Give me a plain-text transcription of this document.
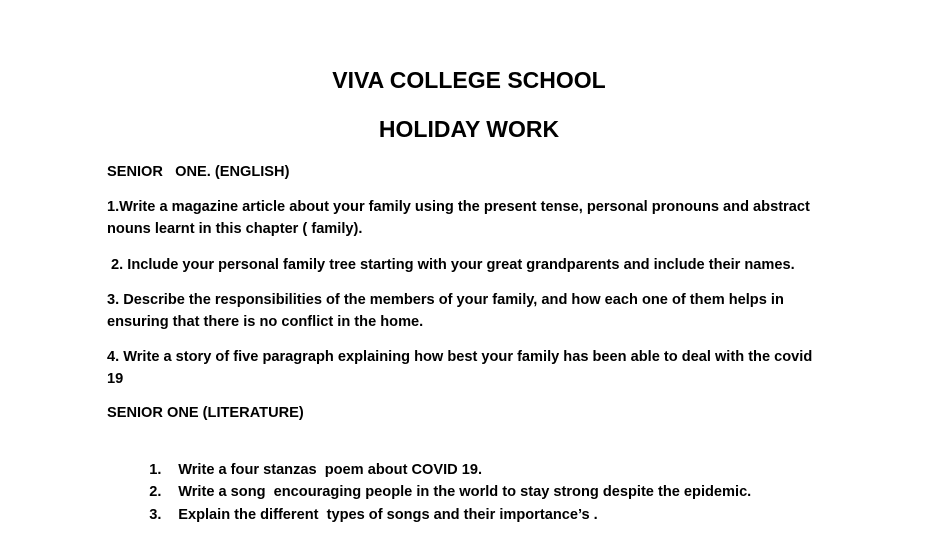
VIVA COLLEGE SCHOOL
HOLIDAY WORK
SENIOR   ONE. (ENGLISH)
1.Write a magazine article about your family using the present tense, personal pronouns and abstract
nouns learnt in this chapter ( family).
2. Include your personal family tree starting with your great grandparents and include their names.
3. Describe the responsibilities of the members of your family, and how each one of them helps in
ensuring that there is no conflict in the home.
4. Write a story of five paragraph explaining how best your family has been able to deal with the covid
19
SENIOR ONE (LITERATURE)

1. Write a four stanzas  poem about COVID 19.

2. Write a song  encouraging people in the world to stay strong despite the epidemic.

3. Explain the different  types of songs and their importance’s .
